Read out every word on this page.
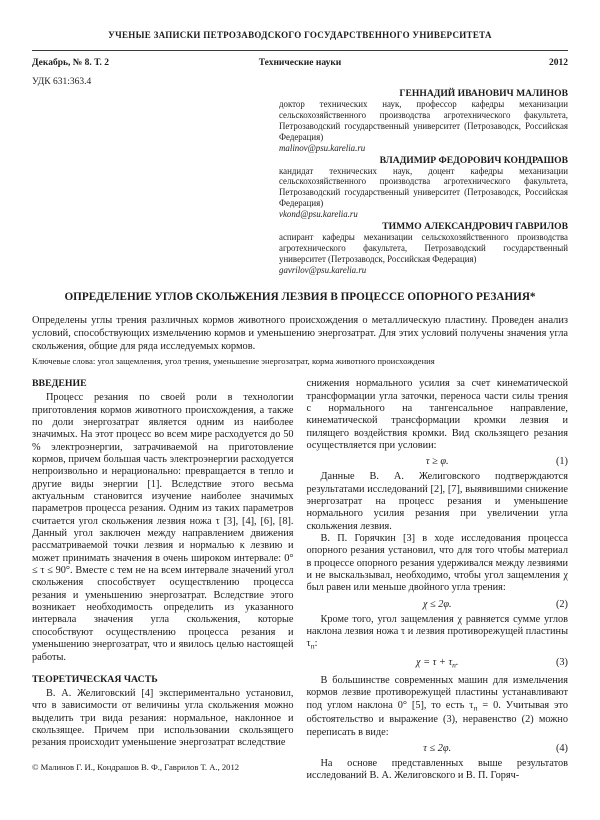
УЧЕНЫЕ ЗАПИСКИ ПЕТРОЗАВОДСКОГО ГОСУДАРСТВЕННОГО УНИВЕРСИТЕТА
Декабрь, № 8. Т. 2	Технические науки	2012
УДК 631:363.4
ГЕННАДИЙ ИВАНОВИЧ МАЛИНОВ
доктор технических наук, профессор кафедры механизации сельскохозяйственного производства агротехнического факультета, Петрозаводский государственный университет (Петрозаводск, Российская Федерация)
malinov@psu.karelia.ru
ВЛАДИМИР ФЕДОРОВИЧ КОНДРАШОВ
кандидат технических наук, доцент кафедры механизации сельскохозяйственного производства агротехнического факультета, Петрозаводский государственный университет (Петрозаводск, Российская Федерация)
vkond@psu.karelia.ru
ТИММО АЛЕКСАНДРОВИЧ ГАВРИЛОВ
аспирант кафедры механизации сельскохозяйственного производства агротехнического факультета, Петрозаводский государственный университет (Петрозаводск, Российская Федерация)
gavrilov@psu.karelia.ru
ОПРЕДЕЛЕНИЕ УГЛОВ СКОЛЬЖЕНИЯ ЛЕЗВИЯ В ПРОЦЕССЕ ОПОРНОГО РЕЗАНИЯ*
Определены углы трения различных кормов животного происхождения о металлическую пластину. Проведен анализ условий, способствующих измельчению кормов и уменьшению энергозатрат. Для этих условий получены значения угла скольжения, общие для ряда исследуемых кормов.
Ключевые слова: угол защемления, угол трения, уменьшение энергозатрат, корма животного происхождения
ВВЕДЕНИЕ

Процесс резания по своей роли в технологии приготовления кормов животного происхождения, а также по доли энергозатрат является одним из наиболее значимых. На этот процесс во всем мире расходуется до 50 % электроэнергии, затрачиваемой на приготовление кормов, причем большая часть электроэнергии расходуется непроизвольно и нерационально: превращается в тепло и другие виды энергии [1]. Вследствие этого весьма актуальным становится изучение наиболее значимых параметров процесса резания. Одним из таких параметров считается угол скольжения лезвия ножа τ [3], [4], [6], [8]. Данный угол заключен между направлением движения рассматриваемой точки лезвия и нормалью к лезвию и может принимать значения в очень широком интервале: 0° ≤ τ ≤ 90°. Вместе с тем не на всем интервале значений угол скольжения способствует осуществлению процесса резания и уменьшению энергозатрат. Вследствие этого возникает необходимость определить из указанного интервала значения угла скольжения, которые способствуют осуществлению процесса резания и уменьшению энергозатрат, что и явилось целью настоящей работы.

ТЕОРЕТИЧЕСКАЯ ЧАСТЬ

В. А. Желиговский [4] экспериментально установил, что в зависимости от величины угла скольжения можно выделить три вида резания: нормальное, наклонное и скользящее. Причем при использовании скользящего резания происходит уменьшение энергозатрат вследствие

© Малинов Г. И., Кондрашов В. Ф., Гаврилов Т. А., 2012

снижения нормального усилия за счет кинематической трансформации угла заточки, переноса части силы трения с нормального на тангенсальное направление, кинематической трансформации кромки лезвия и пилящего воздействия кромки. Вид скользящего резания осуществляется при условии:

τ ≥ φ.	(1)

Данные В. А. Желиговского подтверждаются результатами исследований [2], [7], выявившими снижение энергозатрат на процесс резания и уменьшение нормального усилия резания при увеличении угла скольжения лезвия.

В. П. Горячкин [3] в ходе исследования процесса опорного резания установил, что для того чтобы материал в процессе опорного резания удерживался между лезвиями и не выскальзывал, необходимо, чтобы угол защемления χ был равен или меньше двойного угла трения:

χ ≤ 2φ.	(2)

Кроме того, угол защемления χ равняется сумме углов наклона лезвия ножа τ и лезвия противорежущей пластины $\tau_п$:

$\chi = \tau + \tau_п$.	(3)

В большинстве современных машин для измельчения кормов лезвие противорежущей пластины устанавливают под углом наклона 0° [5], то есть $\tau_п = 0$. Учитывая это обстоятельство и выражение (3), неравенство (2) можно переписать в виде:

τ ≤ 2φ.	(4)

На основе представленных выше результатов исследований В. А. Желиговского и В. П. Горяч-
